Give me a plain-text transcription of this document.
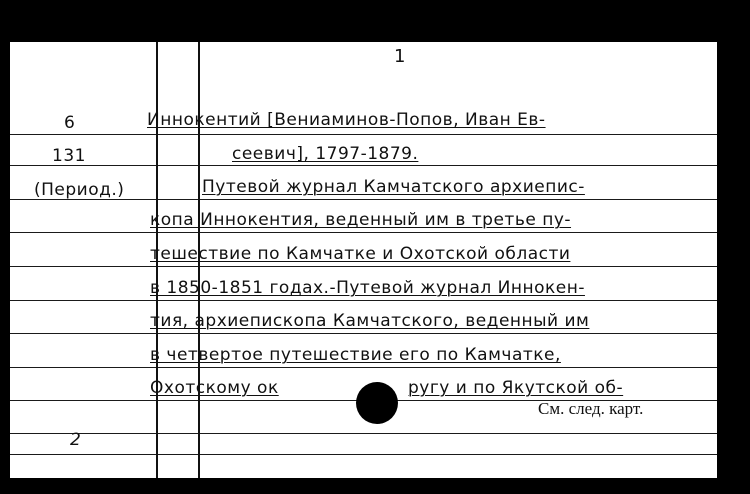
1
6
131
(Период.)
2
Иннокентий [Вениаминов-Попов, Иван Ев-
сеевич], 1797-1879.
Путевой журнал Камчатского архиепис-
копа Иннокентия, веденный им в третье пу-
тешествие по Камчатке и Охотской области
в 1850-1851 годах.-Путевой журнал Иннокен-
тия, архиепископа Камчатского, веденный им
в четвертое путешествие его по Камчатке,
Охотскому ок	ругу и по Якутской об-
См. след. карт.
